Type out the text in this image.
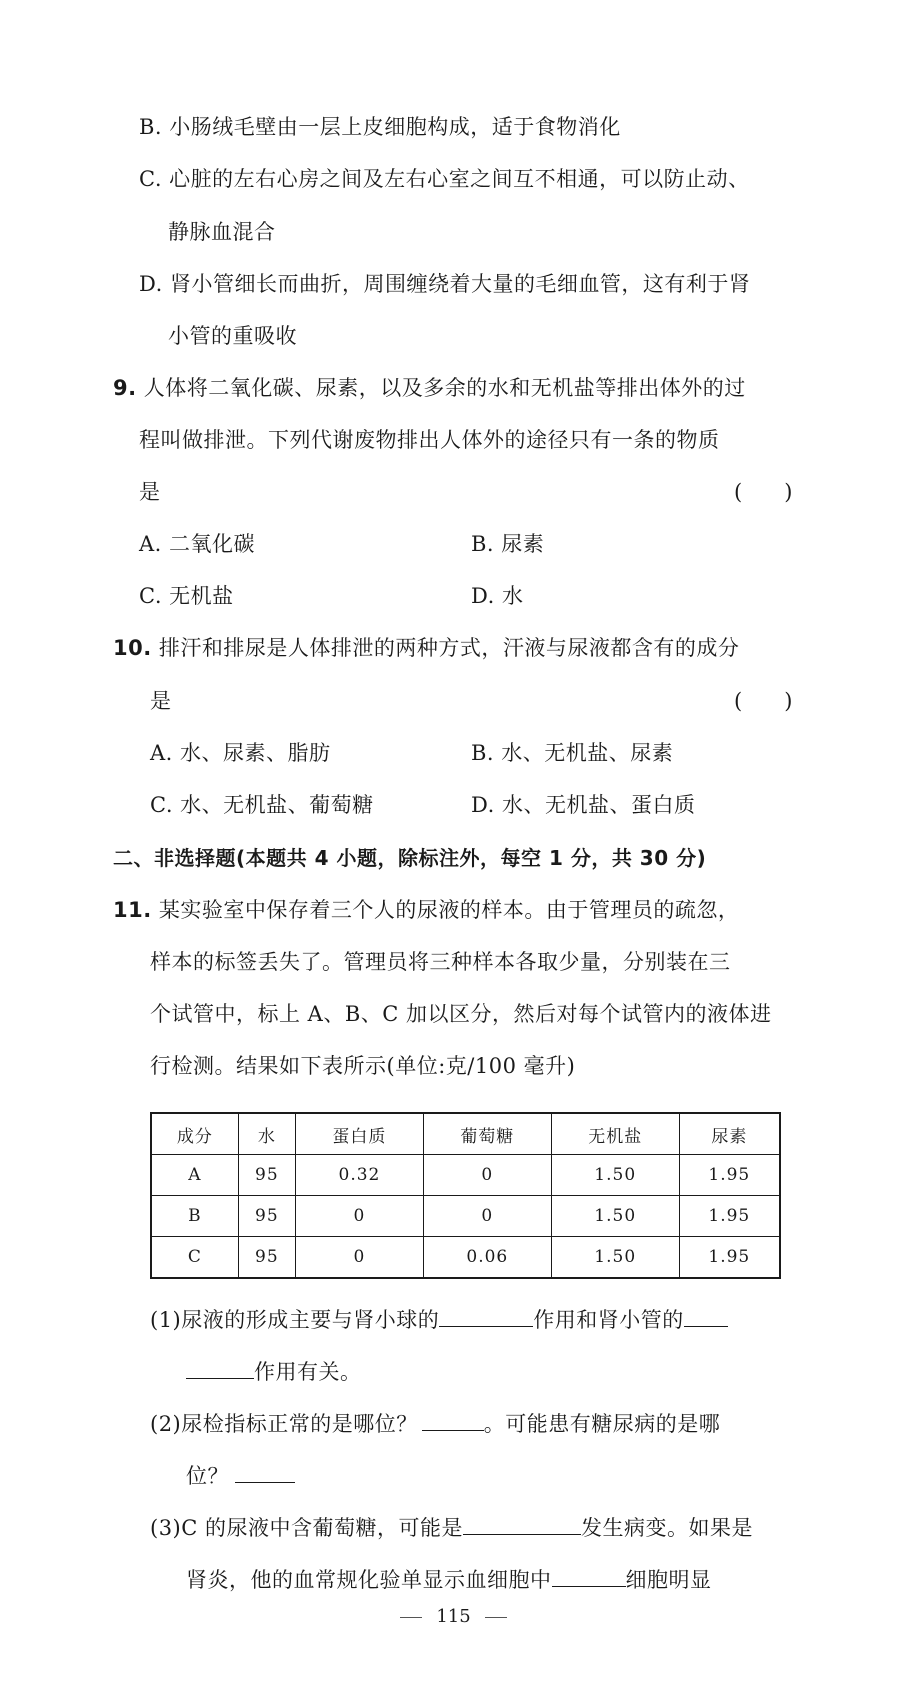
B. 小肠绒毛壁由一层上皮细胞构成，适于食物消化
C. 心脏的左右心房之间及左右心室之间互不相通，可以防止动、
静脉血混合
D. 肾小管细长而曲折，周围缠绕着大量的毛细血管，这有利于肾
小管的重吸收
9. 人体将二氧化碳、尿素，以及多余的水和无机盐等排出体外的过
程叫做排泄。下列代谢废物排出人体外的途径只有一条的物质
是	(　　)
A. 二氧化碳	B. 尿素
C. 无机盐	D. 水
10. 排汗和排尿是人体排泄的两种方式，汗液与尿液都含有的成分
是	(　　)
A. 水、尿素、脂肪	B. 水、无机盐、尿素
C. 水、无机盐、葡萄糖	D. 水、无机盐、蛋白质
二、非选择题(本题共 4 小题，除标注外，每空 1 分，共 30 分)
11. 某实验室中保存着三个人的尿液的样本。由于管理员的疏忽，
样本的标签丢失了。管理员将三种样本各取少量，分别装在三
个试管中，标上 A、B、C 加以区分，然后对每个试管内的液体进
行检测。结果如下表所示(单位:克/100 毫升)
成分	水	蛋白质	葡萄糖	无机盐	尿素
A	95	0.32	0	1.50	1.95
B	95	0	0	1.50	1.95
C	95	0	0.06	1.50	1.95
(1)尿液的形成主要与肾小球的	作用和肾小管的
作用有关。
(2)尿检指标正常的是哪位？	。可能患有糖尿病的是哪
位？
(3)C 的尿液中含葡萄糖，可能是	发生病变。如果是
肾炎，他的血常规化验单显示血细胞中	细胞明显
115
